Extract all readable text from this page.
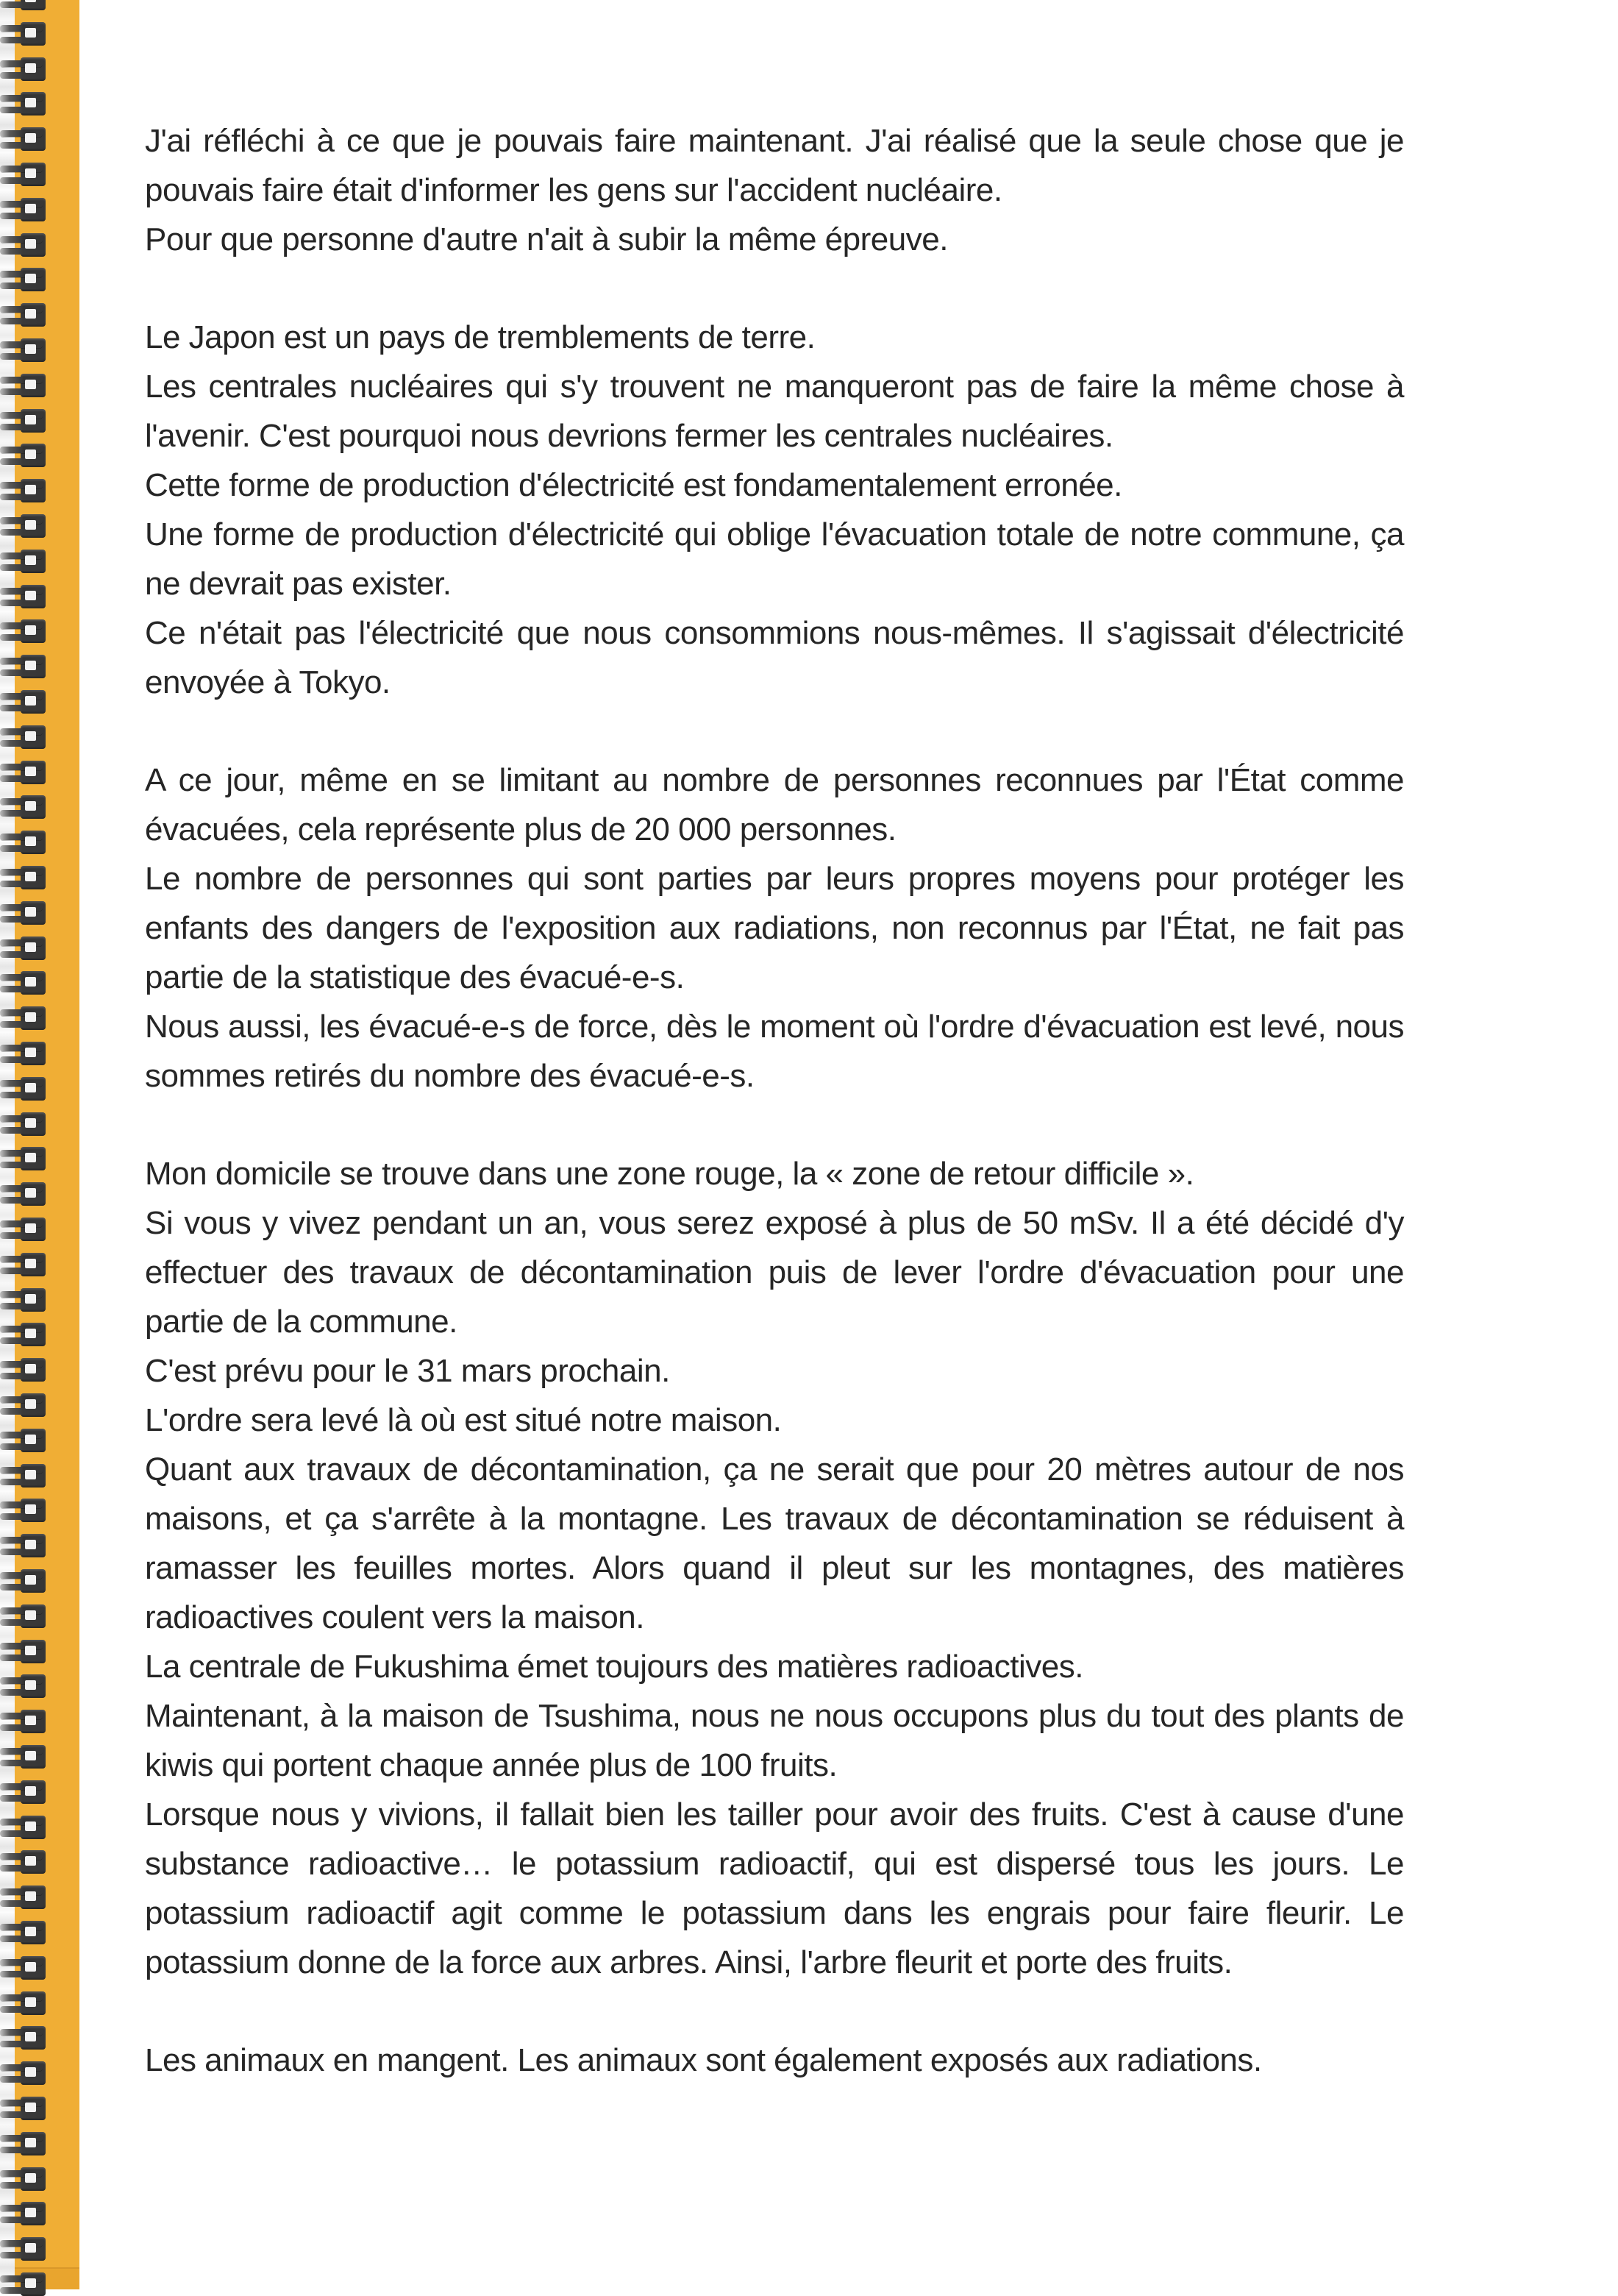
J'ai réfléchi à ce que je pouvais faire maintenant. J'ai réalisé que la seule chose que je pouvais faire était d'informer les gens sur l'accident nucléaire.

Pour que personne d'autre n'ait à subir la même épreuve.

Le Japon est un pays de tremblements de terre.

Les centrales nucléaires qui s'y trouvent ne manqueront pas de faire la même chose à l'avenir. C'est pourquoi nous devrions fermer les centrales nucléaires.

Cette forme de production d'électricité est fondamentalement erronée.

Une forme de production d'électricité qui oblige l'évacuation totale de notre commune, ça ne devrait pas exister.

Ce n'était pas l'électricité que nous consommions nous-mêmes. Il s'agissait d'électricité envoyée à Tokyo.

A ce jour, même en se limitant au nombre de personnes reconnues par l'État comme évacuées, cela représente plus de 20 000 personnes.

Le nombre de personnes qui sont parties par leurs propres moyens pour protéger les enfants des dangers de l'exposition aux radiations, non reconnus par l'État, ne fait pas partie de la statistique des évacué-e-s.

Nous aussi, les évacué-e-s de force, dès le moment où l'ordre d'évacuation est levé, nous sommes retirés du nombre des évacué-e-s.

Mon domicile se trouve dans une zone rouge, la « zone de retour difficile ».

Si vous y vivez pendant un an, vous serez exposé à plus de 50 mSv. Il a été décidé d'y effectuer des travaux de décontamination puis de lever l'ordre d'évacuation pour une partie de la commune.

C'est prévu pour le 31 mars prochain.

L'ordre sera levé là où est situé notre maison.

Quant aux travaux de décontamination, ça ne serait que pour 20 mètres autour de nos maisons, et ça s'arrête à la montagne. Les travaux de décontamination se réduisent à ramasser les feuilles mortes. Alors quand il pleut sur les montagnes, des matières radioactives coulent vers la maison.

La centrale de Fukushima émet toujours des matières radioactives.

Maintenant, à la maison de Tsushima, nous ne nous occupons plus du tout des plants de kiwis qui portent chaque année plus de 100 fruits.

Lorsque nous y vivions, il fallait bien les tailler pour avoir des fruits. C'est à cause d'une substance radioactive… le potassium radioactif, qui est dispersé tous les jours. Le potassium radioactif agit comme le potassium dans les engrais pour faire fleurir. Le potassium donne de la force aux arbres. Ainsi, l'arbre fleurit et porte des fruits.

Les animaux en mangent. Les animaux sont également exposés aux radiations.
